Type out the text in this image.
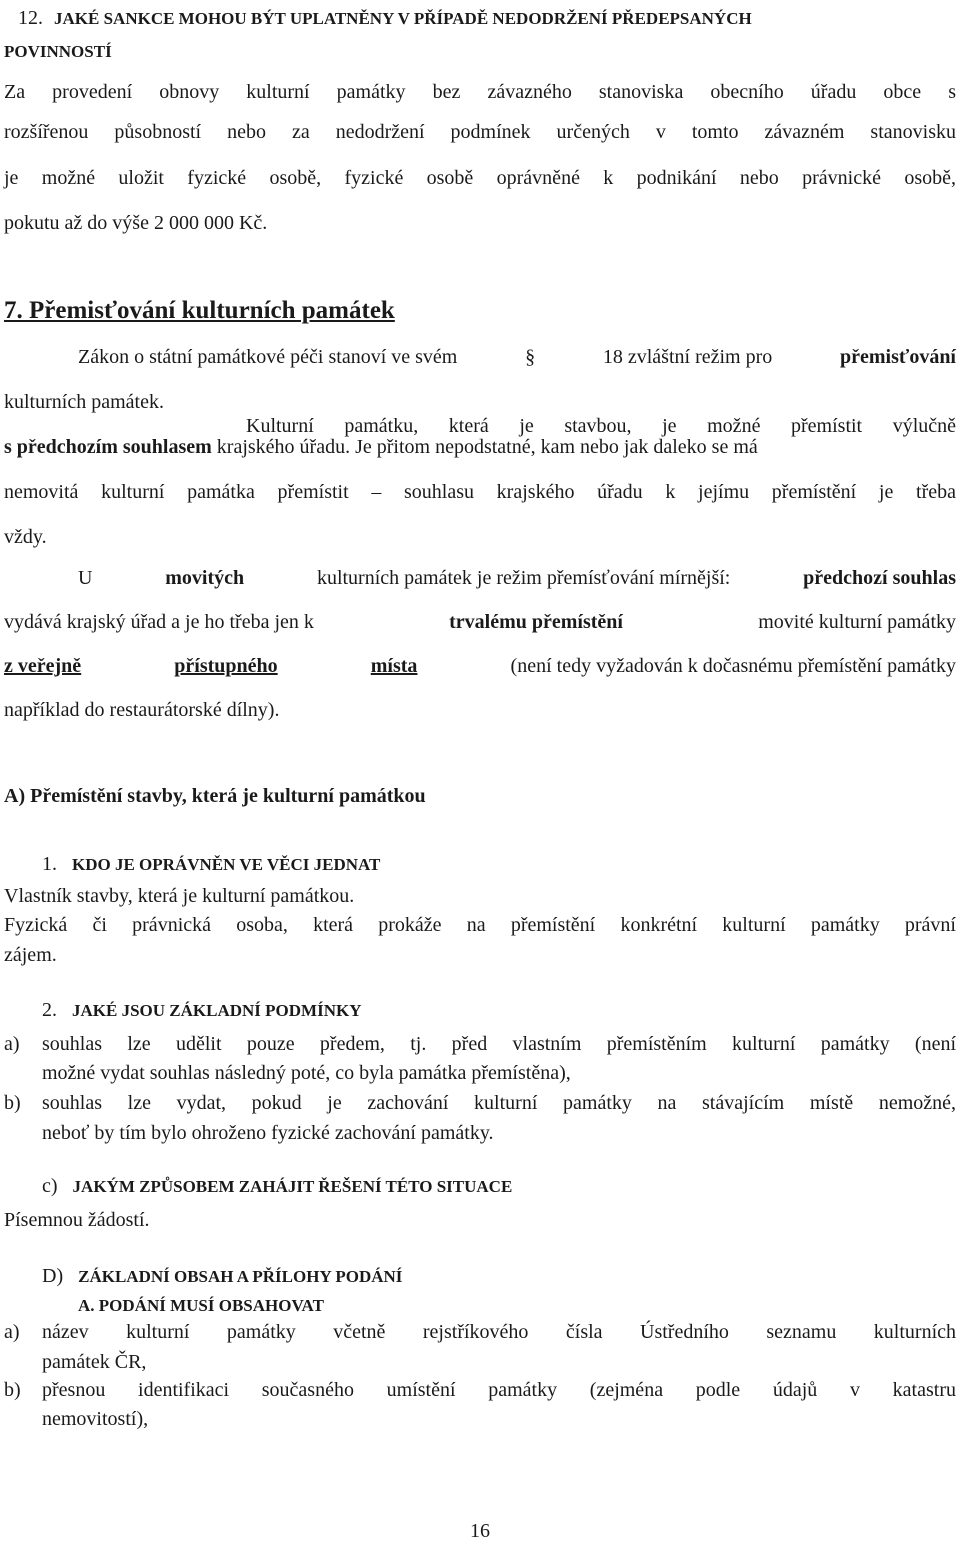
12. JAKÉ SANKCE MOHOU BÝT UPLATNĚNY V PŘÍPADĚ NEDODRŽENÍ PŘEDEPSANÝCH
POVINNOSTÍ
Za provedení obnovy kulturní památky bez závazného stanoviska obecního úřadu obce s
rozšířenou působností nebo za nedodržení podmínek určených v tomto závazném stanovisku
je možné uložit fyzické osobě, fyzické osobě oprávněné k podnikání nebo právnické osobě,
pokutu až do výše 2 000 000 Kč.
7. Přemisťování kulturních památek
Zákon o státní památkové péči stanoví ve svém	§	18 zvláštní režim pro	přemisťování
kulturních památek.
Kulturní památku, která je stavbou, je možné přemístit výlučně
s předchozím souhlasem krajského úřadu. Je přitom nepodstatné, kam nebo jak daleko se má
nemovitá kulturní památka přemístit – souhlasu krajského úřadu k jejímu přemístění je třeba
vždy.
U	movitých	kulturních památek je režim přemísťování mírnější:	předchozí souhlas
vydává krajský úřad a je ho třeba jen k	trvalému přemístění	movité kulturní památky
z veřejně	přístupného	místa	(není tedy vyžadován k dočasnému přemístění památky
například do restaurátorské dílny).
A) Přemístění stavby, která je kulturní památkou
1. KDO JE OPRÁVNĚN VE VĚCI JEDNAT
Vlastník stavby, která je kulturní památkou.
Fyzická či právnická osoba, která prokáže na přemístění konkrétní kulturní památky právní
zájem.
2. JAKÉ JSOU ZÁKLADNÍ PODMÍNKY
a) souhlas lze udělit pouze předem, tj. před vlastním přemístěním kulturní památky (není
možné vydat souhlas následný poté, co byla památka přemístěna),
b) souhlas lze vydat, pokud je zachování kulturní památky na stávajícím místě nemožné,
neboť by tím bylo ohroženo fyzické zachování památky.
c) JAKÝM ZPŮSOBEM ZAHÁJIT ŘEŠENÍ TÉTO SITUACE
Písemnou žádostí.
D) ZÁKLADNÍ OBSAH A PŘÍLOHY PODÁNÍ
A. PODÁNÍ MUSÍ OBSAHOVAT
a) název kulturní památky včetně rejstříkového čísla Ústředního seznamu kulturních
památek ČR,
b) přesnou identifikaci současného umístění památky (zejména podle údajů v katastru
nemovitostí),
16
